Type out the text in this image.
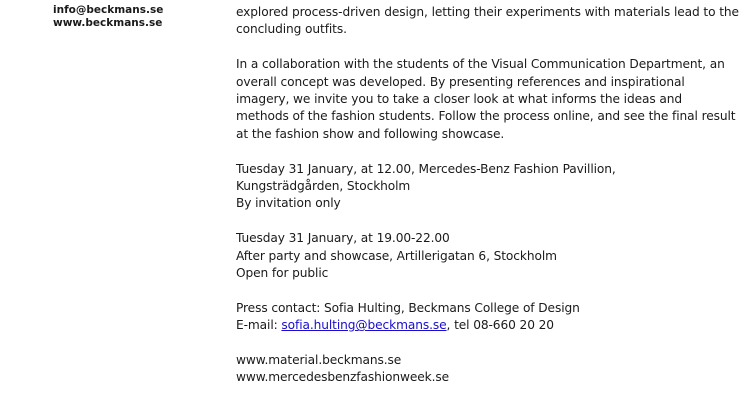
info@beckmans.se
www.beckmans.se

explored process-driven design, letting their experiments with materials lead to the
concluding outfits.

In a collaboration with the students of the Visual Communication Department, an
overall concept was developed. By presenting references and inspirational
imagery, we invite you to take a closer look at what informs the ideas and
methods of the fashion students. Follow the process online, and see the final result
at the fashion show and following showcase.

Tuesday 31 January, at 12.00, Mercedes-Benz Fashion Pavillion,
Kungsträdgården, Stockholm
By invitation only

Tuesday 31 January, at 19.00-22.00
After party and showcase, Artillerigatan 6, Stockholm
Open for public

Press contact: Sofia Hulting, Beckmans College of Design
E-mail: sofia.hulting@beckmans.se, tel 08-660 20 20

www.material.beckmans.se
www.mercedesbenzfashionweek.se
